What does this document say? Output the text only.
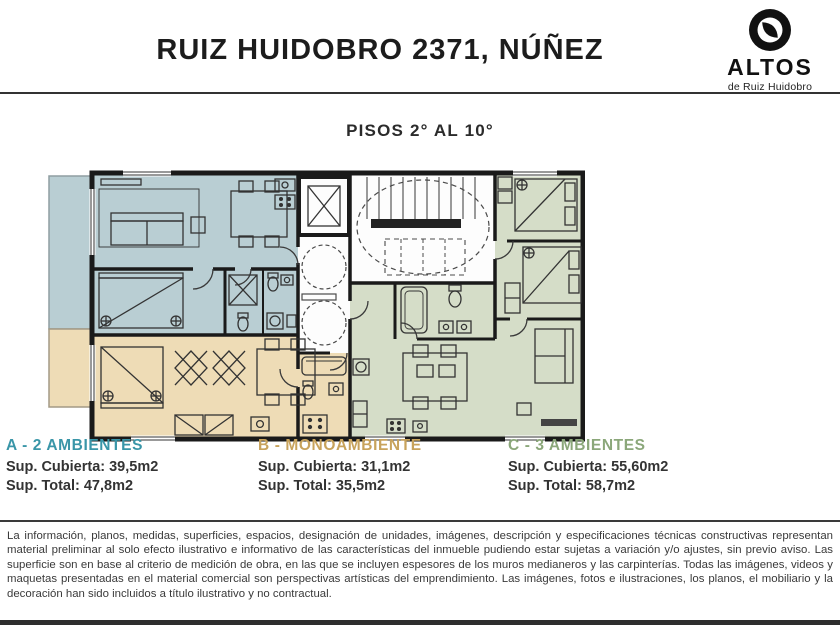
RUIZ HUIDOBRO 2371, NÚÑEZ
ALTOS
de Ruiz Huidobro
PISOS 2° AL 10°

A - 2 AMBIENTES

Sup. Cubierta: 39,5m2

Sup. Total: 47,8m2

B - MONOAMBIENTE

Sup. Cubierta: 31,1m2

Sup. Total: 35,5m2

C - 3 AMBIENTES

Sup. Cubierta: 55,60m2

Sup. Total: 58,7m2

La información, planos, medidas, superficies, espacios, designación de unidades, imágenes, descripción y especificaciones técnicas constructivas representan material preliminar al solo efecto ilustrativo e informativo de las características del inmueble pudiendo estar sujetas a variación y/o ajustes, sin previo aviso. Las superficie son en base al criterio de medición de obra, en las que se incluyen espesores de los muros medianeros y las carpinterías. Todas las imágenes, videos y maquetas presentadas en el material comercial son perspectivas artísticas del emprendimiento. Las imágenes, fotos e ilustraciones, los planos, el mobiliario y la decoración han sido incluidos a título ilustrativo y no contractual.
